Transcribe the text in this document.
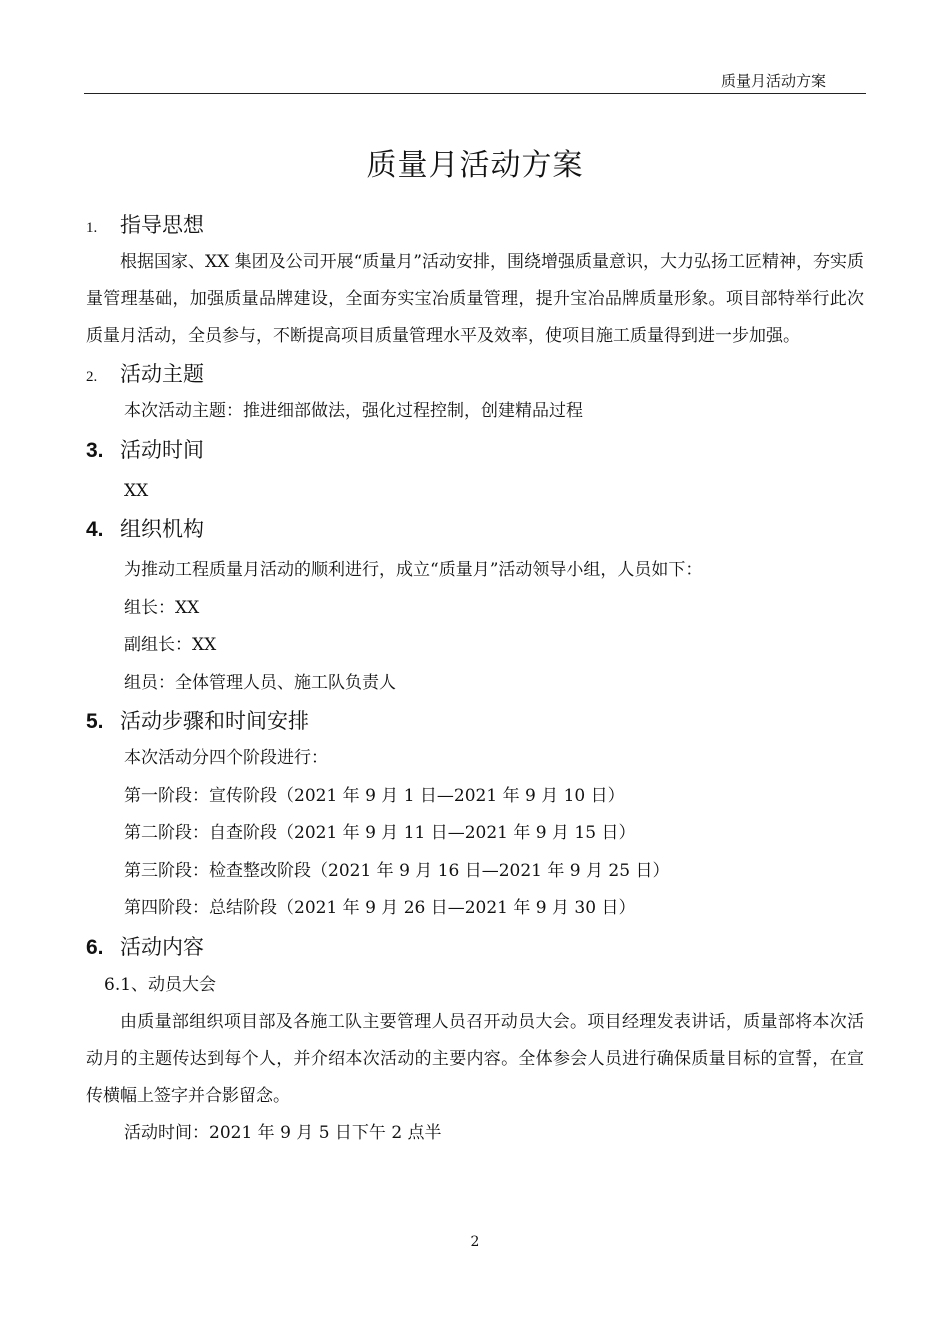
质量月活动方案
质量月活动方案
1.	指导思想

根据国家、XX 集团及公司开展“质量月”活动安排，围绕增强质量意识，大力弘扬工匠精神，夯实质量管理基础，加强质量品牌建设，全面夯实宝冶质量管理，提升宝冶品牌质量形象。项目部特举行此次质量月活动，全员参与，不断提高项目质量管理水平及效率，使项目施工质量得到进一步加强。

2.	活动主题

本次活动主题：推进细部做法，强化过程控制，创建精品过程

3. 活动时间

XX

4. 组织机构

为推动工程质量月活动的顺利进行，成立“质量月”活动领导小组，人员如下：

组长：XX

副组长：XX

组员：全体管理人员、施工队负责人

5. 活动步骤和时间安排

本次活动分四个阶段进行：

第一阶段：宣传阶段（2021 年 9 月 1 日—2021 年 9 月 10 日）

第二阶段：自查阶段（2021 年 9 月 11 日—2021 年 9 月 15 日）

第三阶段：检查整改阶段（2021 年 9 月 16 日—2021 年 9 月 25 日）

第四阶段：总结阶段（2021 年 9 月 26 日—2021 年 9 月 30 日）

6. 活动内容

6.1、动员大会

由质量部组织项目部及各施工队主要管理人员召开动员大会。项目经理发表讲话，质量部将本次活动月的主题传达到每个人，并介绍本次活动的主要内容。全体参会人员进行确保质量目标的宣誓，在宣传横幅上签字并合影留念。

活动时间：2021 年 9 月 5 日下午 2 点半

2
